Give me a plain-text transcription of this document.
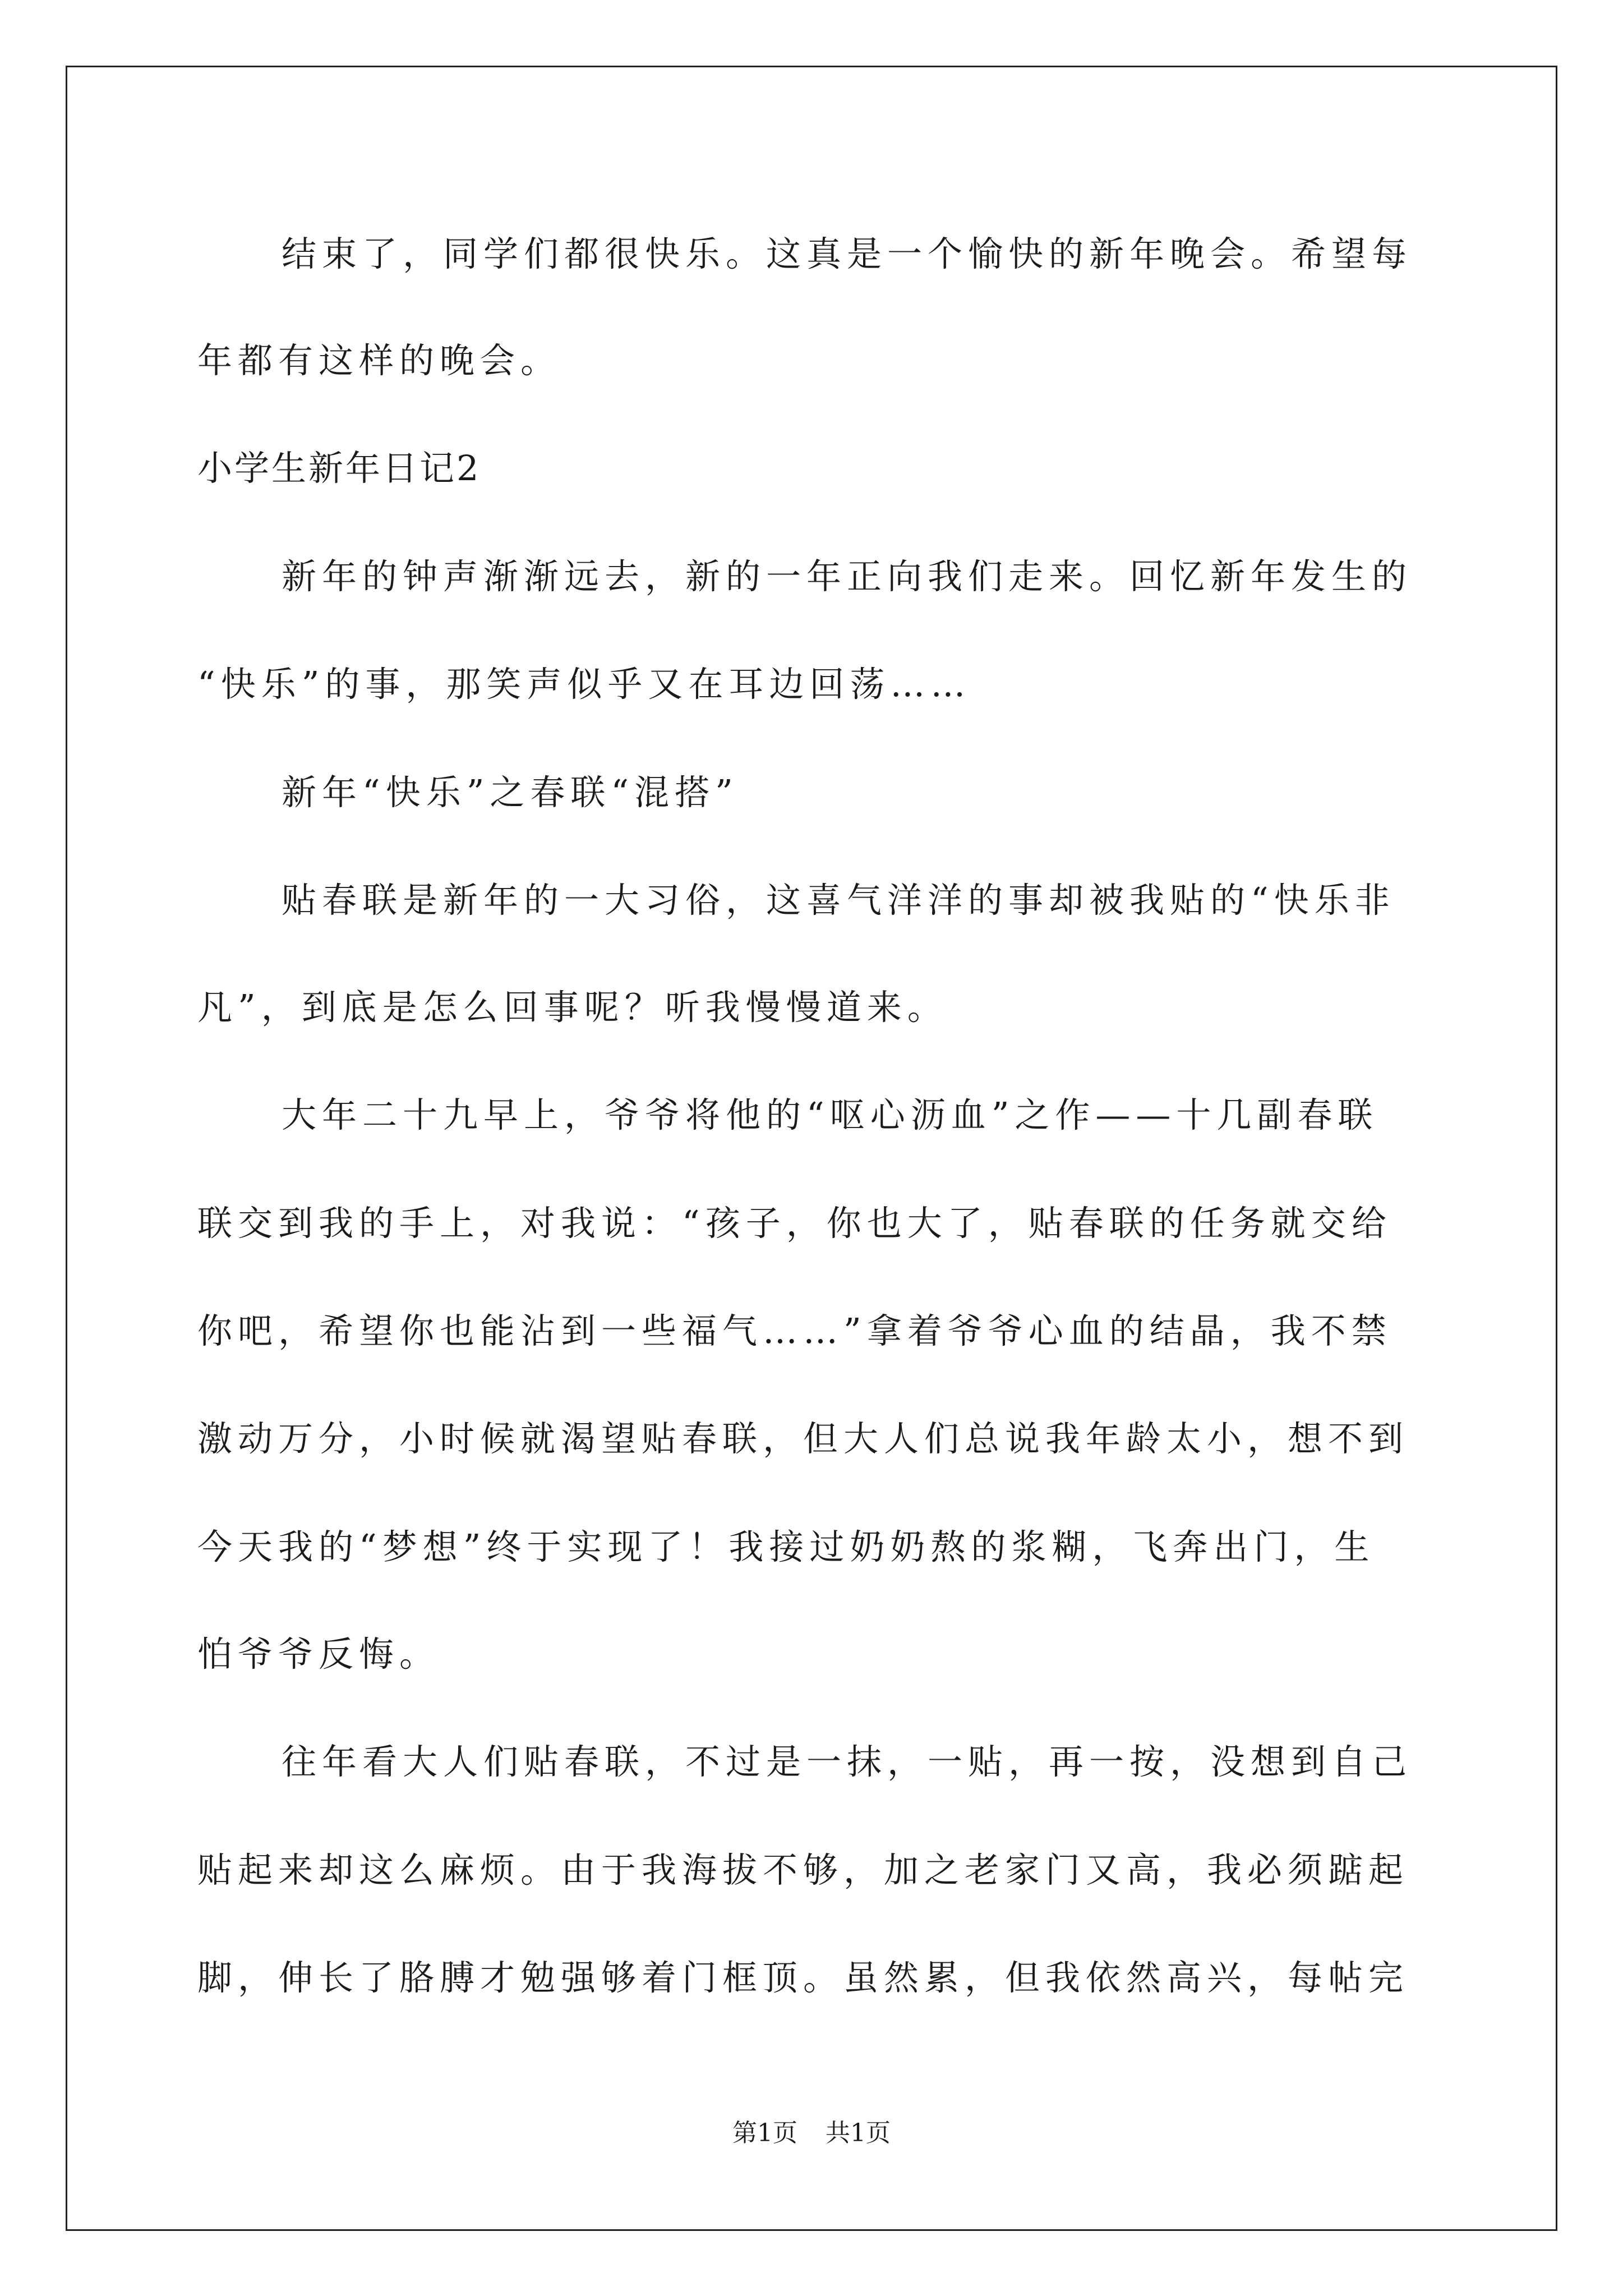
结束了，同学们都很快乐。这真是一个愉快的新年晚会。希望每
年都有这样的晚会。
小学生新年日记2
新年的钟声渐渐远去，新的一年正向我们走来。回忆新年发生的
“快乐”的事，那笑声似乎又在耳边回荡……
新年“快乐”之春联“混搭”
贴春联是新年的一大习俗，这喜气洋洋的事却被我贴的“快乐非
凡”，到底是怎么回事呢？听我慢慢道来。
大年二十九早上，爷爷将他的“呕心沥血”之作——十几副春联
联交到我的手上，对我说：“孩子，你也大了，贴春联的任务就交给
你吧，希望你也能沾到一些福气……”拿着爷爷心血的结晶，我不禁
激动万分，小时候就渴望贴春联，但大人们总说我年龄太小，想不到
今天我的“梦想”终于实现了！我接过奶奶熬的浆糊，飞奔出门，生
怕爷爷反悔。
往年看大人们贴春联，不过是一抹，一贴，再一按，没想到自己
贴起来却这么麻烦。由于我海拔不够，加之老家门又高，我必须踮起
脚，伸长了胳膊才勉强够着门框顶。虽然累，但我依然高兴，每帖完
第1页 共1页
